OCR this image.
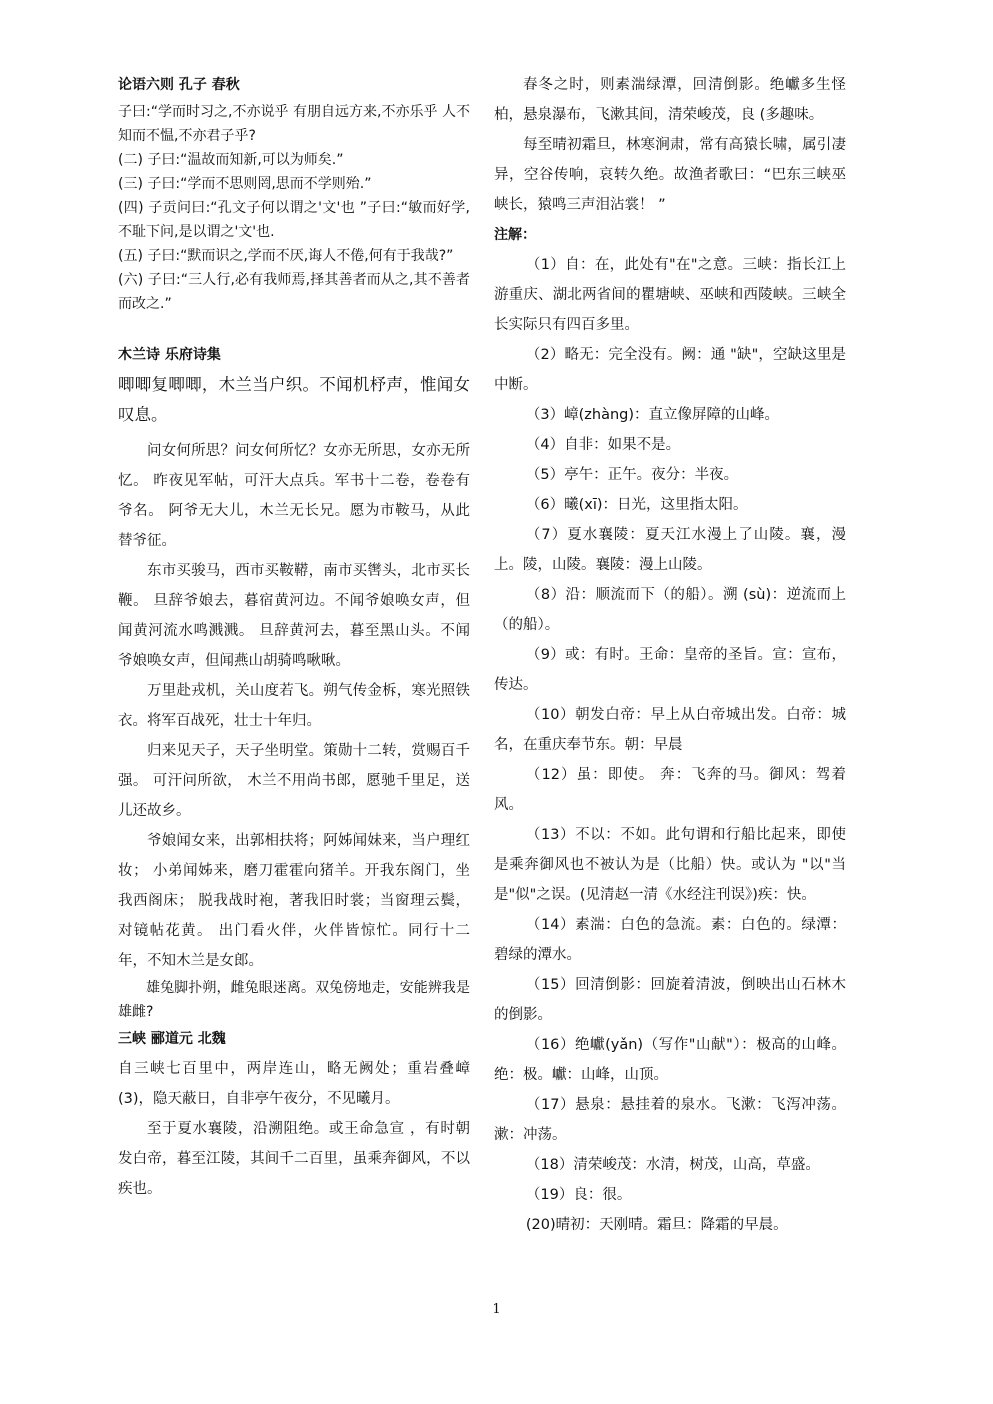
论语六则 孔子 春秋

子曰:“学而时习之,不亦说乎 有朋自远方来,不亦乐乎 人不知而不愠,不亦君子乎?

(二) 子曰:“温故而知新,可以为师矣.”

(三) 子曰:“学而不思则罔,思而不学则殆.”

(四) 子贡问曰:“孔文子何以谓之'文'也 ”子曰:“敏而好学,不耻下问,是以谓之'文'也.

(五) 子曰:“默而识之,学而不厌,诲人不倦,何有于我哉?”

(六) 子曰:“三人行,必有我师焉,择其善者而从之,其不善者而改之.”

木兰诗 乐府诗集

唧唧复唧唧，木兰当户织。不闻机杼声，惟闻女叹息。

问女何所思？问女何所忆？女亦无所思，女亦无所忆。 昨夜见军帖，可汗大点兵。军书十二卷，卷卷有爷名。 阿爷无大儿，木兰无长兄。愿为市鞍马，从此替爷征。

东市买骏马，西市买鞍鞯，南市买辔头，北市买长鞭。 旦辞爷娘去，暮宿黄河边。不闻爷娘唤女声，但闻黄河流水鸣溅溅。 旦辞黄河去，暮至黑山头。不闻爷娘唤女声，但闻燕山胡骑鸣啾啾。

万里赴戎机，关山度若飞。朔气传金柝，寒光照铁衣。将军百战死，壮士十年归。

归来见天子，天子坐明堂。策勋十二转，赏赐百千强。 可汗问所欲， 木兰不用尚书郎，愿驰千里足，送儿还故乡。

爷娘闻女来，出郭相扶将；阿姊闻妹来，当户理红妆； 小弟闻姊来，磨刀霍霍向猪羊。开我东阁门，坐我西阁床； 脱我战时袍，著我旧时裳；当窗理云鬓，对镜帖花黄。 出门看火伴，火伴皆惊忙。同行十二年，不知木兰是女郎。

雄兔脚扑朔，雌兔眼迷离。双兔傍地走，安能辨我是雄雌?

三峡 郦道元 北魏

自三峡七百里中，两岸连山，略无阙处；重岩叠嶂(3)，隐天蔽日，自非亭午夜分，不见曦月。

至于夏水襄陵，沿溯阻绝。或王命急宣 ，有时朝发白帝，暮至江陵，其间千二百里，虽乘奔御风，不以疾也。

春冬之时，则素湍绿潭，回清倒影。绝巘多生怪柏，悬泉瀑布，飞漱其间，清荣峻茂，良 (多趣味。

每至晴初霜旦，林寒涧肃，常有高猿长啸，属引凄异，空谷传响，哀转久绝。故渔者歌曰：“巴东三峡巫峡长，猿鸣三声泪沾裳！ ”

注解：

（1）自：在，此处有"在"之意。三峡：指长江上游重庆、湖北两省间的瞿塘峡、巫峡和西陵峡。三峡全长实际只有四百多里。

（2）略无：完全没有。阙：通 "缺"，空缺这里是中断。

（3）嶂(zhàng)：直立像屏障的山峰。

（4）自非：如果不是。

（5）亭午：正午。夜分：半夜。

（6）曦(xī)：日光，这里指太阳。

（7）夏水襄陵：夏天江水漫上了山陵。襄，漫上。陵，山陵。襄陵：漫上山陵。

（8）沿：顺流而下（的船）。溯 (sù)：逆流而上（的船）。

（9）或：有时。王命：皇帝的圣旨。宣：宣布，传达。

（10）朝发白帝：早上从白帝城出发。白帝：城名，在重庆奉节东。朝：早晨

（12）虽：即使。 奔：飞奔的马。御风：驾着风。

（13）不以：不如。此句谓和行船比起来，即使是乘奔御风也不被认为是（比船）快。或认为 "以"当是"似"之误。(见清赵一清《水经注刊误》)疾：快。

（14）素湍：白色的急流。素：白色的。绿潭：碧绿的潭水。

（15）回清倒影：回旋着清波，倒映出山石林木的倒影。

（16）绝巘(yǎn)（写作"山献"）：极高的山峰。绝：极。巘：山峰，山顶。

（17）悬泉：悬挂着的泉水。飞漱：飞泻冲荡。漱：冲荡。

（18）清荣峻茂：水清，树茂，山高，草盛。

（19）良：很。

(20)晴初：天刚晴。霜旦：降霜的早晨。

1
